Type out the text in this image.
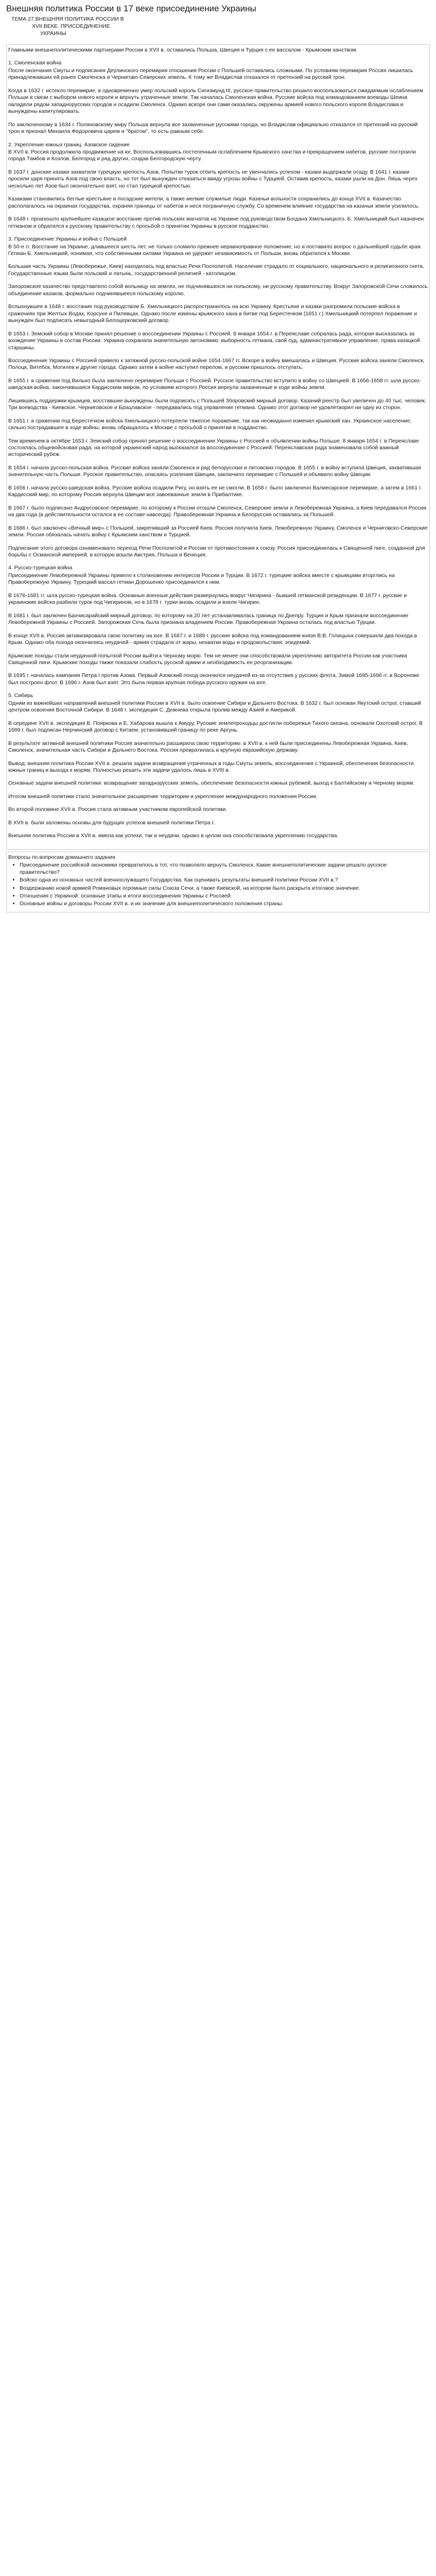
Внешняя политика России в 17 веке присоединение Украины
ТЕМА 27.ВНЕШНЯЯ ПОЛИТИКА РОССИИ В
XVII ВЕКЕ. ПРИСОЕДИНЕНИЕ
УКРАИНЫ

Главными внешнеполитическими партнерами России в XVII в. оставались Польша, Швеция и Турция с ее вассалом - Крымским ханством.

1. Смоленская война

После окончания Смуты и подписания Деулинского перемирия отношения России с Польшей оставались сложными. По условиям перемирия Россия лишилась принадлежавших ей ранее Смоленска и Черниговo-Северских земель. К тому же Владислав отказался от претензий на русский трон.

Когда в 1632 г. истекло перемирие, в одновременно умер польский король Сигизмунд III, русское правительство решило воспользоваться ожидаемым ослаблением Польши в связи с выбором нового короля и вернуть утраченные земли. Так началась Смоленская война. Русские войска под командованием воеводы Шеина овладели рядом западнорусских городов и осадили Смоленск. Однако вскоре они сами оказались окружены армией нового польского короля Владислава и вынуждены капитулировать.

По заключенному в 1634 г. Поляновскому миру Польша вернула все захваченные русскими города, но Владислав официально отказался от претензий на русский трон и признал Михаила Федоровича царем и "братом", то есть равным себе.

2. Укрепление южных границ. Азовское сидение

В XVII в. Россия продолжила продвижение на юг. Воспользовавшись постепенным ослаблением Крымского ханства и прекращением набегов, русские построили города Тамбов и Козлов, Белгород и ряд других, создав Белгородскую черту.

В 1637 г. донские казаки захватили турецкую крепость Азов, Попытки турок отбить крепость не увенчались успехом - казаки выдержали осаду. В 1641 г. казаки просили царя принять Азов под свою власть, но тот был вынужден отказаться ввиду угрозы войны с Турцией. Оставив крепость, казаки ушли на Дон. Лишь через несколько лет Азов был окончательно взят, но стал турецкой крепостью.

Казаками становились беглые крестьяне и посадские жители, а также мелкие служилые люди. Казачьи вольности сохранились до конца XVII в. Казачество располагалось на окраинах государства, охраняя границы от набегов и неся пограничную службу. Со временем влияние государства на казачьи земли усилилось.

В 1648 г. произошло крупнейшее казацкое восстание против польских магнатов на Украине под руководством Богдана Хмельницкого. Б. Хмельницкий был назначен гетманом и обратился к русскому правительству с просьбой о принятии Украины в русское подданство.

3. Присоединение Украины и война с Польшей

В 50-е гг. Восстание на Украине, длившееся шесть лет, не только сломило прежнее неравноправное положение, но и поставило вопрос о дальнейшей судьбе края. Гетман Б. Хмельницкий, понимая, что собственными силами Украина не удержит независимость от Польши, вновь обратился к Москве.

Большая часть Украины (Левобережье, Киев) находилась под властью Речи Посполитой. Население страдало от социального, национального и религиозного гнета. Государственные языки были польский и латынь, государственной религией - католицизм.

Запорожское казачество представляло собой вольницу на землях, не подчинявшихся ни польскому, ни русскому правительству. Вокруг Запорожской Сечи сложилось объединение казаков, формально подчинявшееся польскому королю.

Вспыхнувшее в 1648 г. восстание под руководством Б. Хмельницкого распространилось на всю Украину. Крестьяне и казаки разгромили польские войска в сражениях при Желтых Водах, Корсуне и Пилявцах. Однако после измены крымского хана в битве под Берестечком (1651 г.) Хмельницкий потерпел поражение и вынужден был подписать невыгодный Белоцерковский договор.

В 1653 г. Земский собор в Москве принял решение о воссоединении Украины с Россией. 8 января 1654 г. в Переяславе собралась рада, которая высказалась за вхождение Украины в состав России. Украина сохраняла значительную автономию: выборность гетмана, свой суд, административное управление, права казацкой старшины.

Воссоединение Украины с Россией привело к затяжной русско-польской войне 1654-1667 гг. Вскоре в войну вмешалась и Швеция. Русские войска заняли Смоленск, Полоцк, Витебск, Могилев и другие города. Однако затем в войне наступил перелом, и русским пришлось отступать.

В 1655 г. в сражении под Вильно была заключено перемирие Польши с Россией. Русское правительство вступило в войну со Швецией. В 1656-1658 гг. шла русско-шведская война, закончившаяся Кардисским миром, по условиям которого Россия вернула захваченные в ходе войны земли.

Лишившись поддержки крымцев, восставшие вынуждены были подписать с Польшей Зборовский мирный договор. Казачий реестр был увеличен до 40 тыс. человек. Три воеводства - Киевское, Черниговское и Брацлавское - передавались под управление гетмана. Однако этот договор не удовлетворил ни одну из сторон.

В 1651 г. в сражении под Берестечком войска Хмельницкого потерпели тяжелое поражение, так как неожиданно изменил крымский хан. Украинское население, сильно пострадавшее в ходе войны, вновь обращалось к Москве с просьбой о принятии в подданство.

Тем временем в октябре 1653 г. Земский собор принял решение о воссоединении Украины с Россией и объявлении войны Польше. 8 января 1654 г. в Переяславе состоялась общевойсковая рада, на которой украинский народ высказался за воссоединение с Россией. Переяславская рада знаменовала собой важный исторический рубеж.

В 1654 г. начала русско-польская война. Русские войска заняли Смоленск и ряд белорусских и литовских городов. В 1655 г. в войну вступила Швеция, захватившая значительную часть Польши. Русское правительство, опасаясь усиления Швеции, заключило перемирие с Польшей и объявило войну Швеции.

В 1656 г. начала русско-шведская война. Русские войска осадили Ригу, но взять ее не смогли. В 1658 г. было заключено Валиесарское перемирие, а затем в 1661 г. Кардисский мир, по которому Россия вернула Швеции все завоеванные земли в Прибалтике.

В 1667 г. было подписано Андрусовское перемирие, по которому к России отошли Смоленск, Северские земли и Левобережная Украина, а Киев передавался России на два года (в действительности остался в ее составе навсегда). Правобережная Украина и Белоруссия оставались за Польшей.

В 1686 г. был заключен «Вечный мир» с Польшей, закрепивший за Россией Киев. Россия получила Киев, Левобережную Украину, Смоленск и Черниговско-Северские земли. Россия обязалась начать войну с Крымским ханством и Турцией.

Подписание этого договора ознаменовало переход Речи Посполитой и России от противостояния к союзу. Россия присоединилась к Священной лиге, созданной для борьбы с Османской империей, в которую вошли Австрия, Польша и Венеция.

4. Русско-турецкая война

Присоединение Левобережной Украины привело к столкновению интересов России и Турции. В 1672 г. турецкие войска вместе с крымцами вторглись на Правобережную Украину. Турецкий вассал гетман Дорошенко присоединился к ним.

В 1676-1681 гг. шла русско-турецкая война. Основные военные действия развернулись вокруг Чигирина - бывшей гетманской резиденции. В 1677 г. русские и украинские войска разбили турок под Чигирином, но в 1678 г. турки вновь осадили и взяли Чигирин.

В 1681 г. был заключен Бахчисарайский мирный договор, по которому на 20 лет устанавливалась граница по Днепру. Турция и Крым признали воссоединение Левобережной Украины с Россией. Запорожская Сечь была признана владением России. Правобережная Украина осталась под властью Турции.

В конце XVII в. Россия активизировала свою политику на юге. В 1687 г. и 1689 г. русские войска под командованием князя В.В. Голицына совершили два похода в Крым. Однако оба похода окончились неудачей - армия страдала от жары, нехватки воды и продовольствия, эпидемий.

Крымские походы стали неудачной попыткой России выйти к Черному морю. Тем не менее они способствовали укреплению авторитета России как участника Священной лиги. Крымские походы также показали слабость русской армии и необходимость ее реорганизации.

В 1695 г. началась кампания Петра I против Азова. Первый Азовский поход окончился неудачей из-за отсутствия у русских флота. Зимой 1695-1696 гг. в Воронеже был построен флот. В 1696 г. Азов был взят. Это была первая крупная победа русского оружия на юге.

5. Сибирь

Одним из важнейших направлений внешней политики России в XVII в. было освоение Сибири и Дальнего Востока. В 1632 г. был основан Якутский острог, ставший центром освоения Восточной Сибири. В 1648 г. экспедиция С. Дежнева открыла пролив между Азией и Америкой.

В середине XVII в. экспедиция В. Пояркова и Е. Хабарова вышла к Амуру. Русские землепроходцы достигли побережья Тихого океана, основали Охотский острог. В 1689 г. был подписан Нерчинский договор с Китаем, установивший границу по реке Аргунь.

В результате активной внешней политики Россия значительно расширила свою территорию: в XVII в. к ней были присоединены Левобережная Украина, Киев, Смоленск, значительная часть Сибири и Дальнего Востока. Россия превратилась в крупную евразийскую державу.

Вывод: внешняя политика России XVII в. решала задачи возвращения утраченных в годы Смуты земель, воссоединения с Украиной, обеспечения безопасности южных границ и выхода к морям. Полностью решить эти задачи удалось лишь в XVIII в.

Основные задачи внешней политики: возвращение западнорусских земель, обеспечение безопасности южных рубежей, выход к Балтийскому и Черному морям.

Итогом внешней политики стало значительное расширение территории и укрепление международного положения России.

Во второй половине XVII в. Россия стала активным участником европейской политики.

В XVII в. были заложены основы для будущих успехов внешней политики Петра I.

Внешняя политика России в XVII в. имела как успехи, так и неудачи, однако в целом она способствовала укреплению государства.

Вопросы по вопросам домашнего задания
• Присоединение российской экономики превратилось в тот, что позволяло вернуть Смоленск. Какие внешнеполитические задачи решало русское правительство?
• Войско одна из основных частей военнослужащего Государства. Как оценивать результаты внешней политики России XVII в.?
• Воздержанию новой армией Романовых огромные силы Союза Сечи, а также Киевской, на котором было раскрыта итоговое значение.
• Отношения с Украиной: основные этапы и итоги воссоединения Украины с Россией.
• Основные войны и договоры России XVII в. и их значение для внешнеполитического положения страны.
